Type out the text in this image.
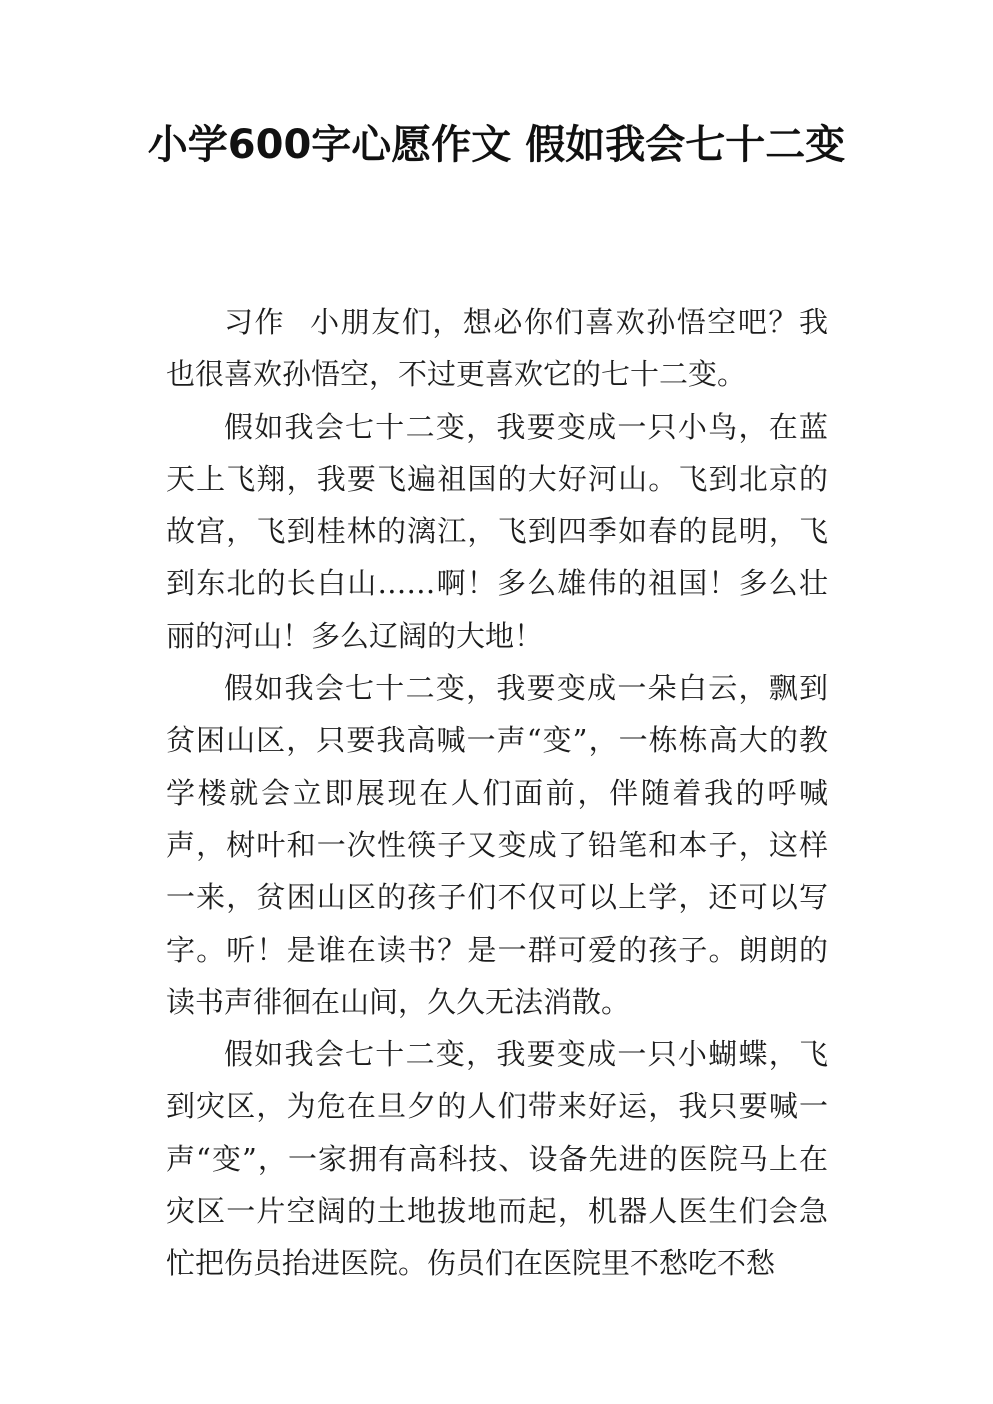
小学600字心愿作文 假如我会七十二变

习作 小朋友们，想必你们喜欢孙悟空吧？我也很喜欢孙悟空，不过更喜欢它的七十二变。

假如我会七十二变，我要变成一只小鸟，在蓝天上飞翔，我要飞遍祖国的大好河山。飞到北京的故宫，飞到桂林的漓江，飞到四季如春的昆明，飞到东北的长白山……啊！多么雄伟的祖国！多么壮丽的河山！多么辽阔的大地！

假如我会七十二变，我要变成一朵白云，飘到贫困山区，只要我高喊一声“变”，一栋栋高大的教学楼就会立即展现在人们面前，伴随着我的呼喊声，树叶和一次性筷子又变成了铅笔和本子，这样一来，贫困山区的孩子们不仅可以上学，还可以写字。听！是谁在读书？是一群可爱的孩子。朗朗的读书声徘徊在山间，久久无法消散。

假如我会七十二变，我要变成一只小蝴蝶，飞到灾区，为危在旦夕的人们带来好运，我只要喊一声“变”，一家拥有高科技、设备先进的医院马上在灾区一片空阔的土地拔地而起，机器人医生们会急忙把伤员抬进医院。伤员们在医院里不愁吃不愁
